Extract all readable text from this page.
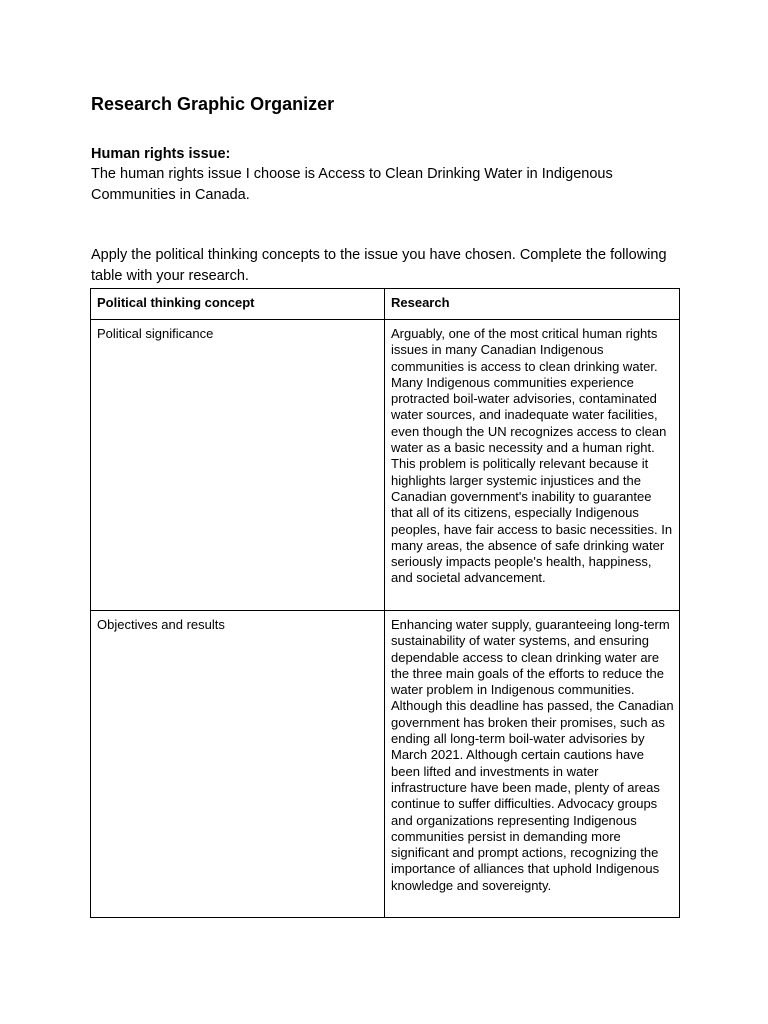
Research Graphic Organizer
Human rights issue:
The human rights issue I choose is Access to Clean Drinking Water in Indigenous Communities in Canada.
Apply the political thinking concepts to the issue you have chosen. Complete the following table with your research.
Political thinking concept	Research
Political significance	Arguably, one of the most critical human rights issues in many Canadian Indigenous communities is access to clean drinking water. Many Indigenous communities experience protracted boil-water advisories, contaminated water sources, and inadequate water facilities, even though the UN recognizes access to clean water as a basic necessity and a human right. This problem is politically relevant because it highlights larger systemic injustices and the Canadian government's inability to guarantee that all of its citizens, especially Indigenous peoples, have fair access to basic necessities. In many areas, the absence of safe drinking water seriously impacts people's health, happiness, and societal advancement.
Objectives and results	Enhancing water supply, guaranteeing long-term sustainability of water systems, and ensuring dependable access to clean drinking water are the three main goals of the efforts to reduce the water problem in Indigenous communities. Although this deadline has passed, the Canadian government has broken their promises, such as ending all long-term boil-water advisories by March 2021. Although certain cautions have been lifted and investments in water infrastructure have been made, plenty of areas continue to suffer difficulties. Advocacy groups and organizations representing Indigenous communities persist in demanding more significant and prompt actions, recognizing the importance of alliances that uphold Indigenous knowledge and sovereignty.
